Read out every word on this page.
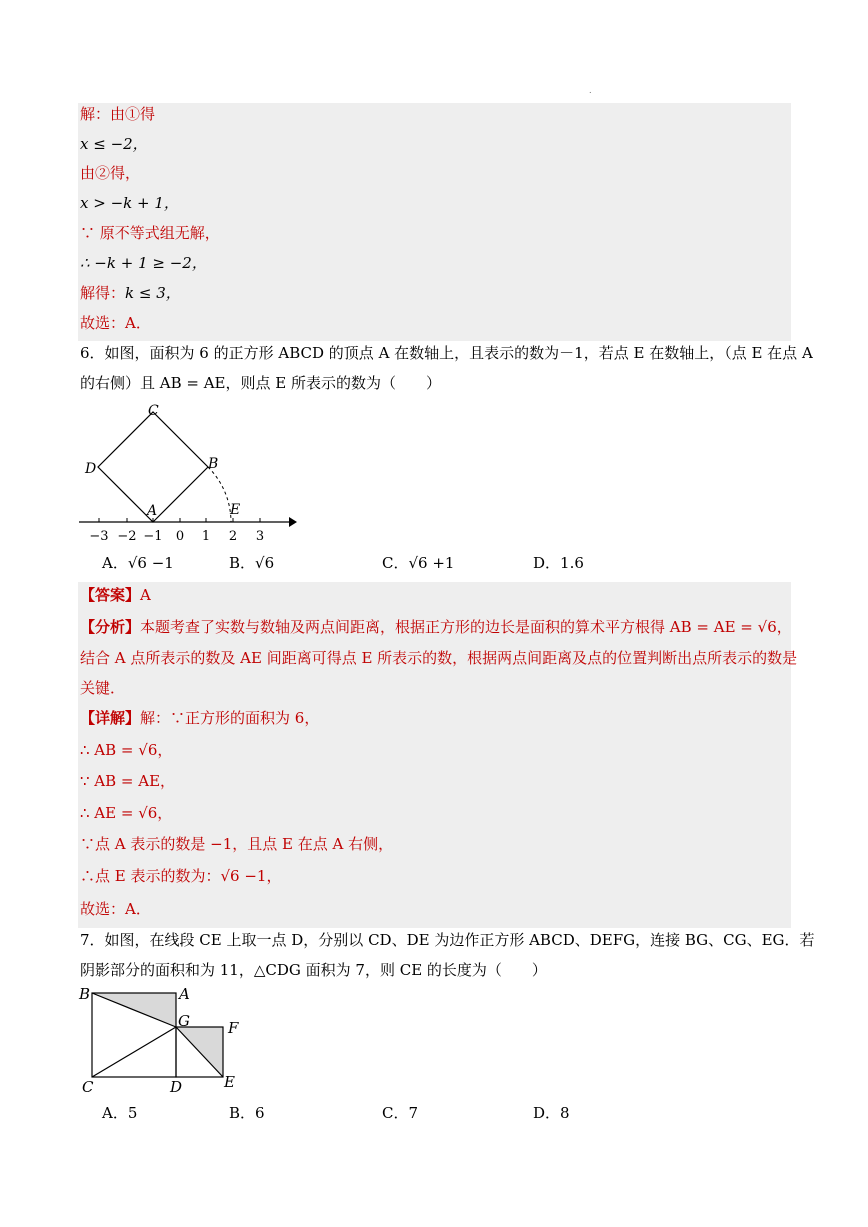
.
解：由①得
x ≤ −2，
由②得，
x > −k + 1，
∵ 原不等式组无解，
∴ −k + 1 ≥ −2，
解得：k ≤ 3，
故选：A．
6．如图，面积为 6 的正方形 ABCD 的顶点 A 在数轴上，且表示的数为－1，若点 E 在数轴上，（点 E 在点 A
的右侧）且 AB = AE，则点 E 所表示的数为（　　）
C
D	B
A	E
−3 −2 −1 0 1 2 3
A．√6 −1	B．√6	C．√6 +1	D．1.6
【答案】A
【分析】本题考查了实数与数轴及两点间距离，根据正方形的边长是面积的算术平方根得 AB = AE = √6，
结合 A 点所表示的数及 AE 间距离可得点 E 所表示的数，根据两点间距离及点的位置判断出点所表示的数是
关键．
【详解】解：∵正方形的面积为 6，
∴ AB = √6，
∵ AB = AE，
∴ AE = √6，
∵点 A 表示的数是 −1，且点 E 在点 A 右侧，
∴点 E 表示的数为：√6 −1，
故选：A．
7．如图，在线段 CE 上取一点 D，分别以 CD、DE 为边作正方形 ABCD、DEFG，连接 BG、CG、EG．若
阴影部分的面积和为 11，△CDG 面积为 7，则 CE 的长度为（　　）
B	A
G	F
C	D	E
A．5	B．6	C．7	D．8
